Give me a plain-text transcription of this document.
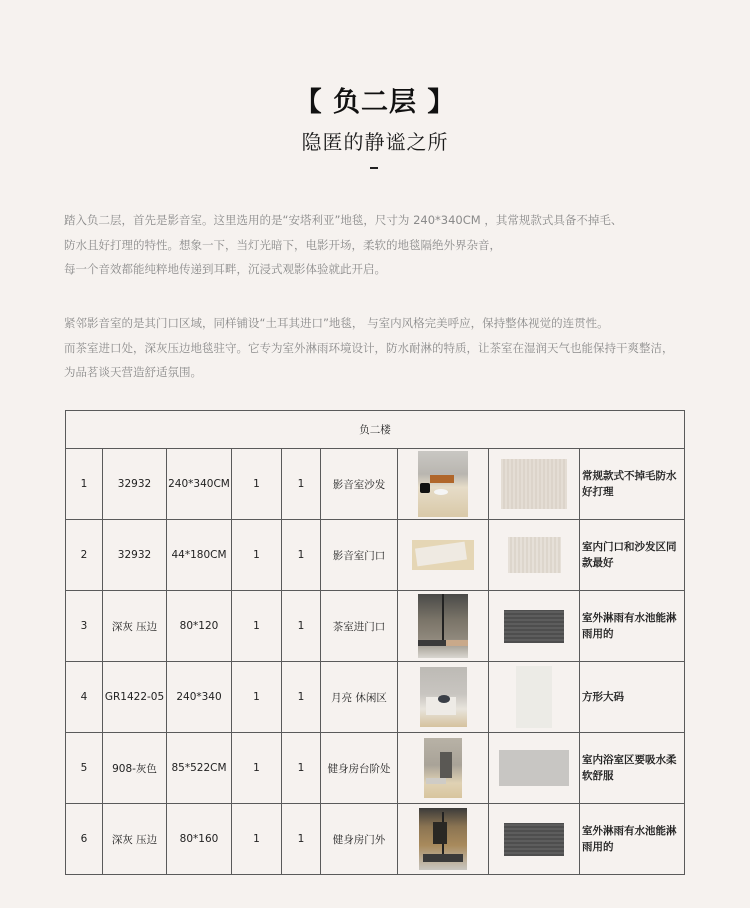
【 负二层 】
隐匿的静谧之所

踏入负二层，首先是影音室。这里选用的是“安塔利亚”地毯，尺寸为 240*340CM ，其常规款式具备不掉毛、

防水且好打理的特性。想象一下，当灯光暗下，电影开场，柔软的地毯隔绝外界杂音，

每一个音效都能纯粹地传递到耳畔，沉浸式观影体验就此开启。

紧邻影音室的是其门口区域，同样铺设“土耳其进口”地毯， 与室内风格完美呼应，保持整体视觉的连贯性。

而茶室进口处，深灰压边地毯驻守。它专为室外淋雨环境设计，防水耐淋的特质，让茶室在湿润天气也能保持干爽整洁，

为品茗谈天营造舒适氛围。

负二楼								
1	32932	240*340CM	1	1	影音室沙发			常规款式不掉毛防水好打理
2	32932	44*180CM	1	1	影音室门口			室内门口和沙发区同款最好
3	深灰 压边	80*120	1	1	茶室进门口			室外淋雨有水池能淋雨用的
4	GR1422-05	240*340	1	1	月亮 休闲区			方形大码
5	908-灰色	85*522CM	1	1	健身房台阶处			室内浴室区要吸水柔软舒服
6	深灰 压边	80*160	1	1	健身房门外			室外淋雨有水池能淋雨用的
